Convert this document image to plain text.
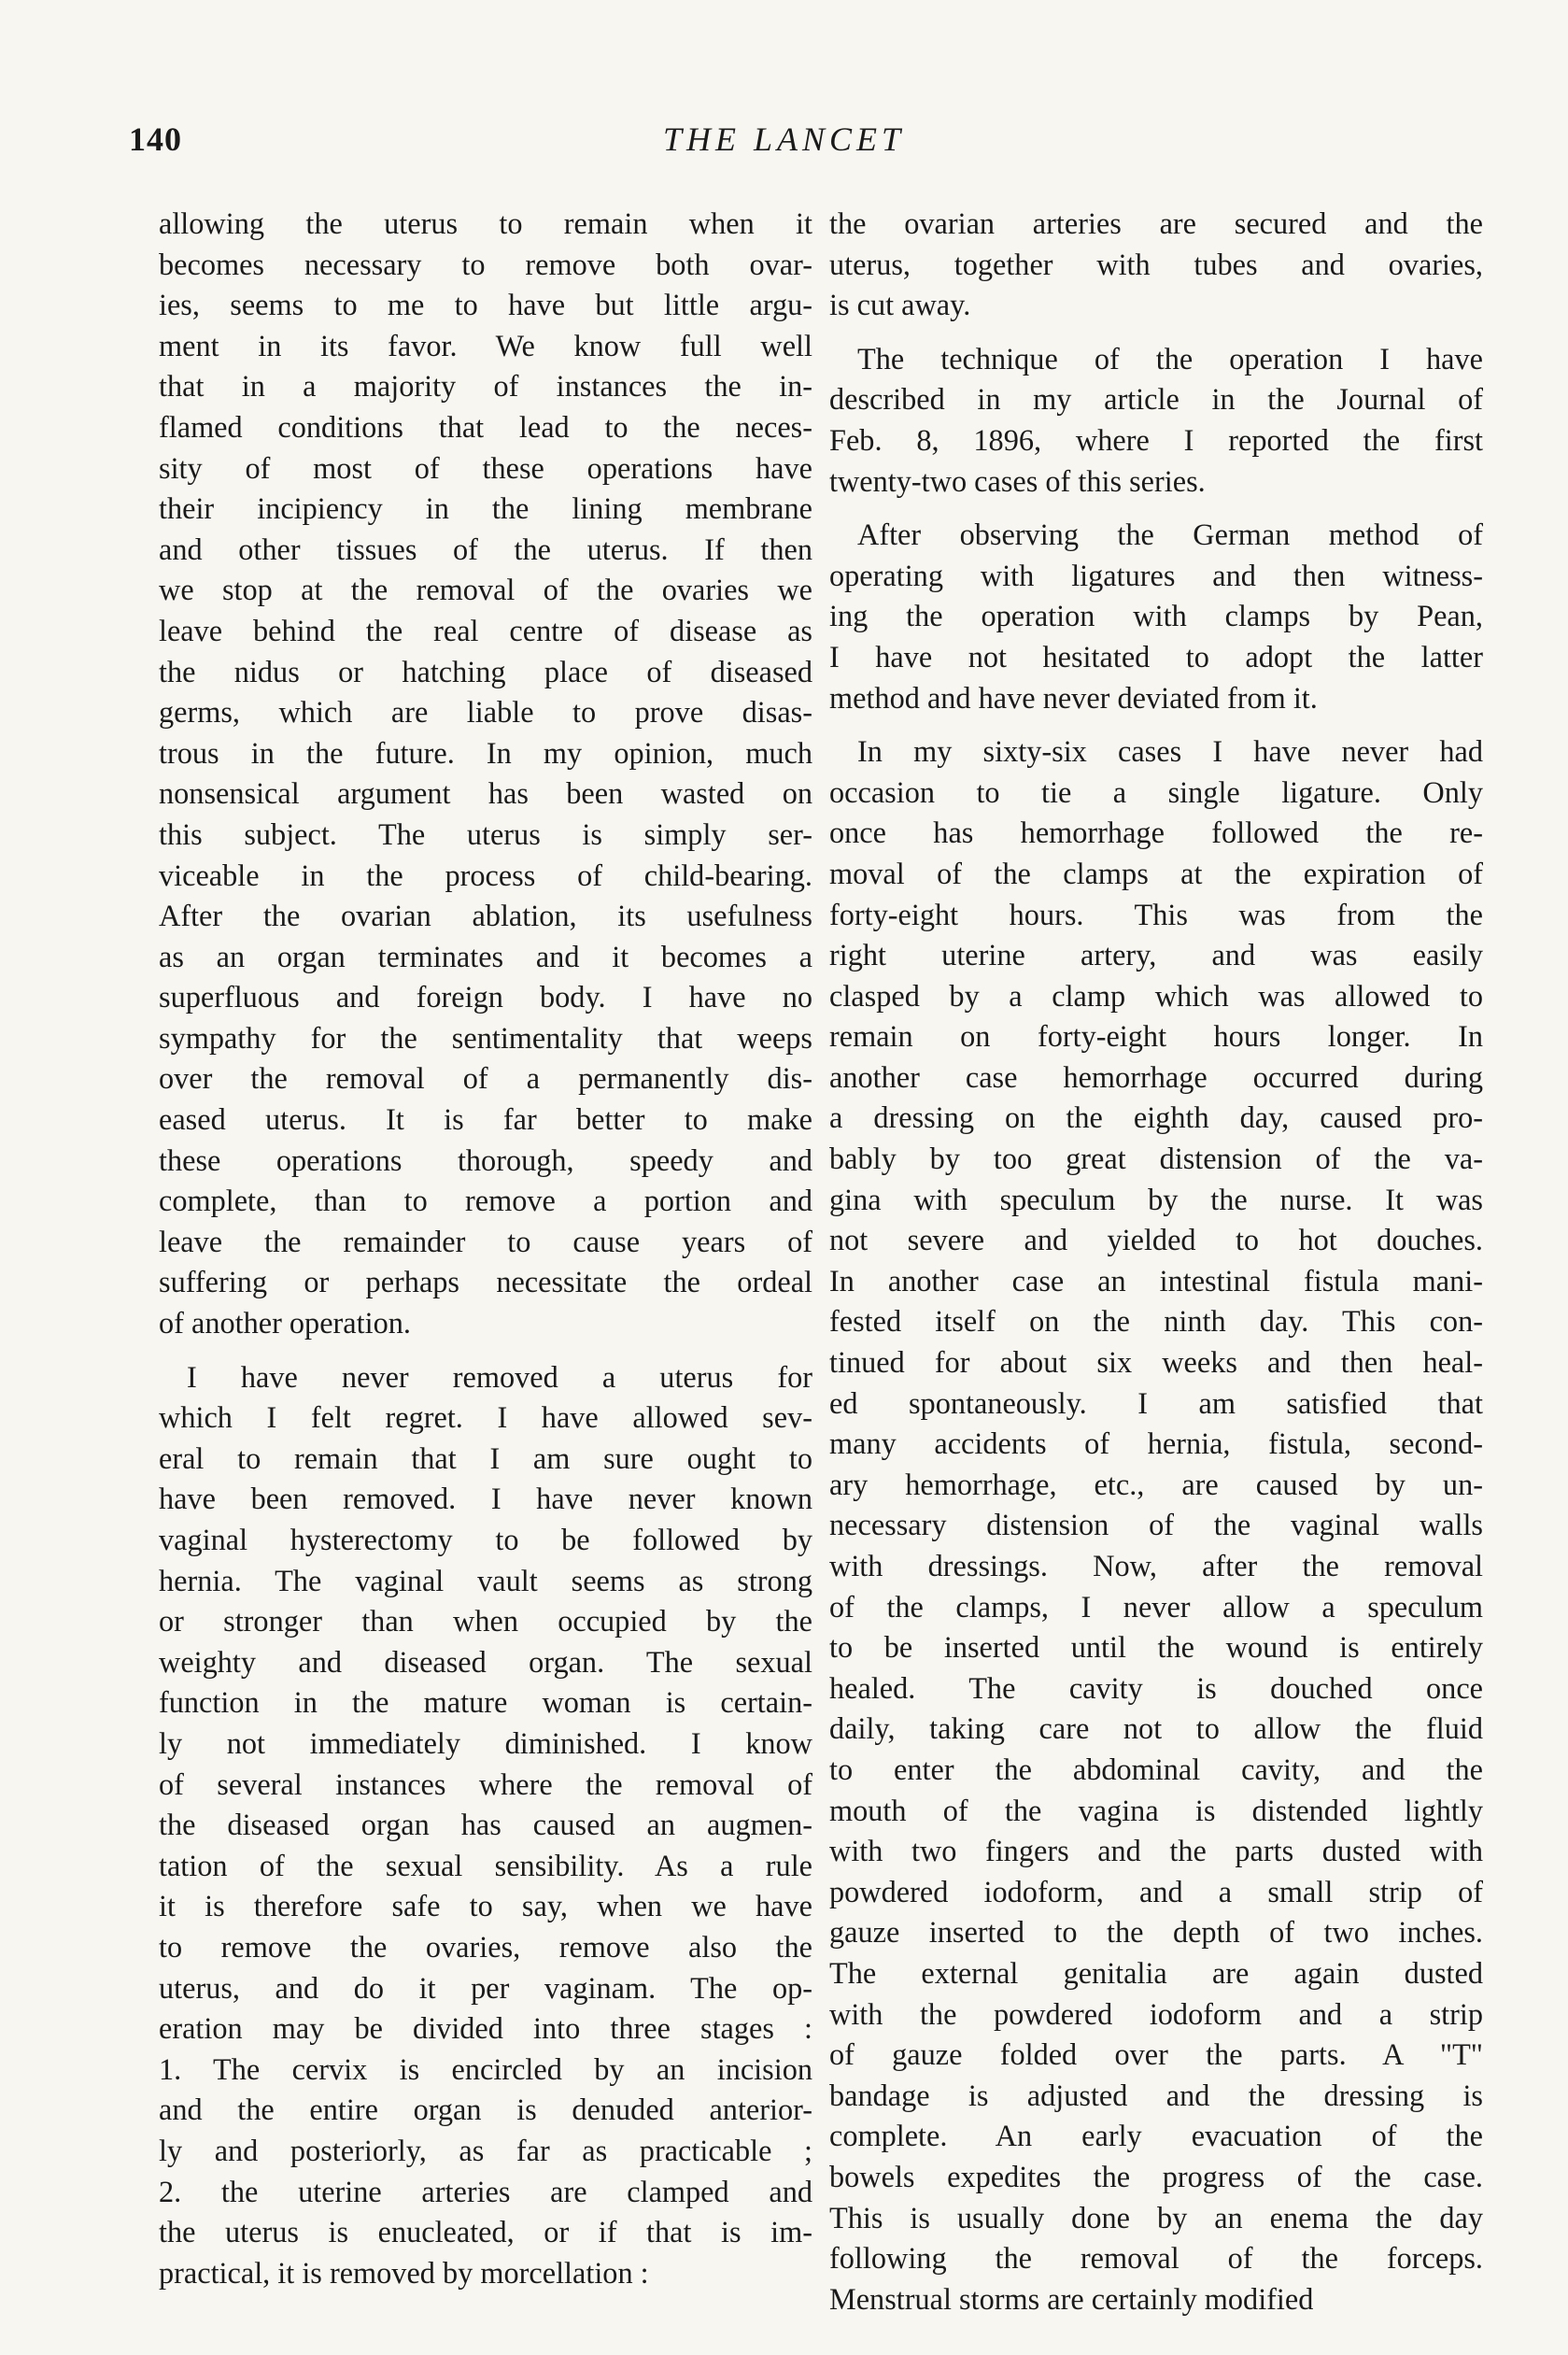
140	THE LANCET
allowing the uterus to remain when it
becomes necessary to remove both ovar-
ies, seems to me to have but little argu-
ment in its favor. We know full well
that in a majority of instances the in-
flamed conditions that lead to the neces-
sity of most of these operations have
their incipiency in the lining membrane
and other tissues of the uterus. If then
we stop at the removal of the ovaries we
leave behind the real centre of disease as
the nidus or hatching place of diseased
germs, which are liable to prove disas-
trous in the future. In my opinion, much
nonsensical argument has been wasted on
this subject. The uterus is simply ser-
viceable in the process of child-bearing.
After the ovarian ablation, its usefulness
as an organ terminates and it becomes a
superfluous and foreign body. I have no
sympathy for the sentimentality that weeps
over the removal of a permanently dis-
eased uterus. It is far better to make
these operations thorough, speedy and
complete, than to remove a portion and
leave the remainder to cause years of
suffering or perhaps necessitate the ordeal
of another operation.
I have never removed a uterus for
which I felt regret. I have allowed sev-
eral to remain that I am sure ought to
have been removed. I have never known
vaginal hysterectomy to be followed by
hernia. The vaginal vault seems as strong
or stronger than when occupied by the
weighty and diseased organ. The sexual
function in the mature woman is certain-
ly not immediately diminished. I know
of several instances where the removal of
the diseased organ has caused an augmen-
tation of the sexual sensibility. As a rule
it is therefore safe to say, when we have
to remove the ovaries, remove also the
uterus, and do it per vaginam. The op-
eration may be divided into three stages :
1. The cervix is encircled by an incision
and the entire organ is denuded anterior-
ly and posteriorly, as far as practicable ;
2. the uterine arteries are clamped and
the uterus is enucleated, or if that is im-
practical, it is removed by morcellation :
the ovarian arteries are secured and the
uterus, together with tubes and ovaries,
is cut away.
The technique of the operation I have
described in my article in the Journal of
Feb. 8, 1896, where I reported the first
twenty-two cases of this series.
After observing the German method of
operating with ligatures and then witness-
ing the operation with clamps by Pean,
I have not hesitated to adopt the latter
method and have never deviated from it.
In my sixty-six cases I have never had
occasion to tie a single ligature. Only
once has hemorrhage followed the re-
moval of the clamps at the expiration of
forty-eight hours. This was from the
right uterine artery, and was easily
clasped by a clamp which was allowed to
remain on forty-eight hours longer. In
another case hemorrhage occurred during
a dressing on the eighth day, caused pro-
bably by too great distension of the va-
gina with speculum by the nurse. It was
not severe and yielded to hot douches.
In another case an intestinal fistula mani-
fested itself on the ninth day. This con-
tinued for about six weeks and then heal-
ed spontaneously. I am satisfied that
many accidents of hernia, fistula, second-
ary hemorrhage, etc., are caused by un-
necessary distension of the vaginal walls
with dressings. Now, after the removal
of the clamps, I never allow a speculum
to be inserted until the wound is entirely
healed. The cavity is douched once
daily, taking care not to allow the fluid
to enter the abdominal cavity, and the
mouth of the vagina is distended lightly
with two fingers and the parts dusted with
powdered iodoform, and a small strip of
gauze inserted to the depth of two inches.
The external genitalia are again dusted
with the powdered iodoform and a strip
of gauze folded over the parts. A "T"
bandage is adjusted and the dressing is
complete. An early evacuation of the
bowels expedites the progress of the case.
This is usually done by an enema the day
following the removal of the forceps.
Menstrual storms are certainly modified
